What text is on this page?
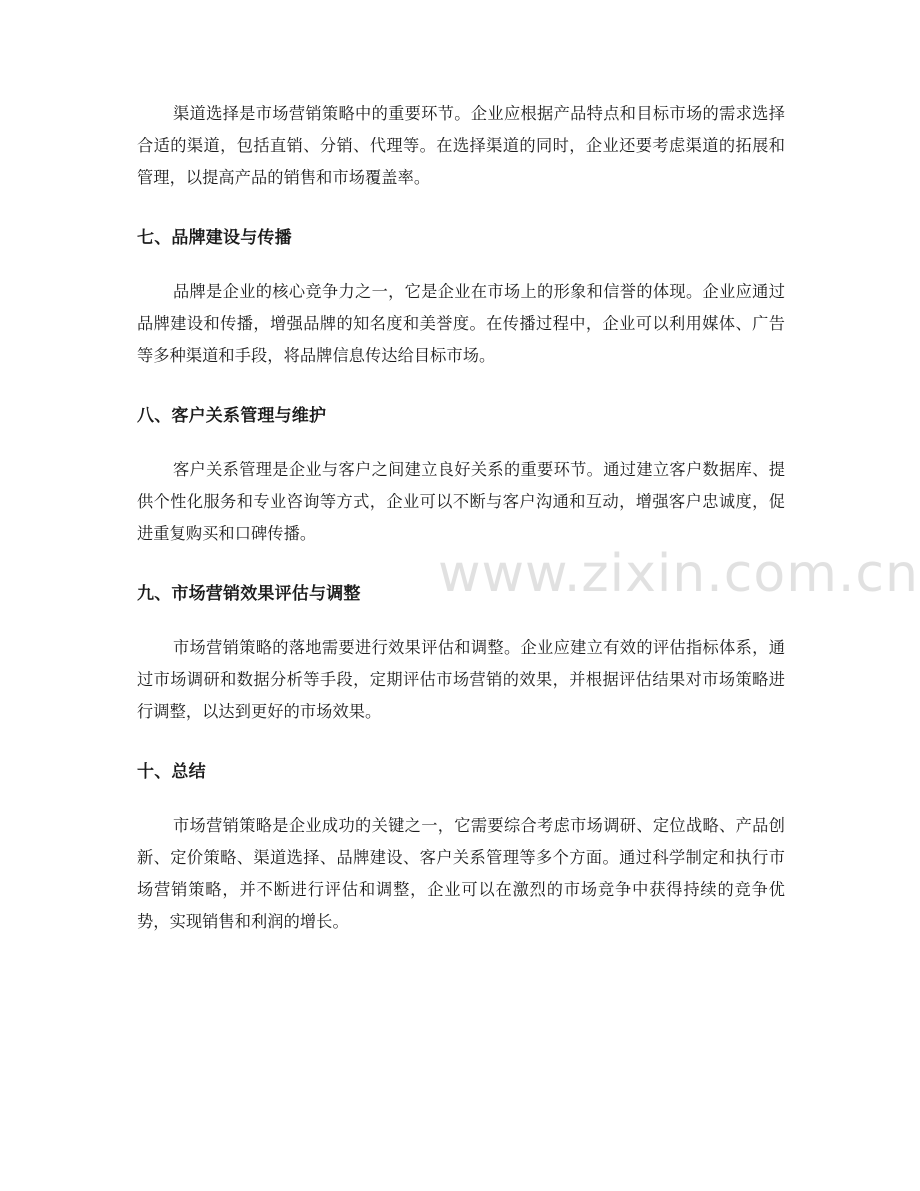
渠道选择是市场营销策略中的重要环节。企业应根据产品特点和目标市场的需求选择合适的渠道，包括直销、分销、代理等。在选择渠道的同时，企业还要考虑渠道的拓展和管理，以提高产品的销售和市场覆盖率。

七、品牌建设与传播

品牌是企业的核心竞争力之一，它是企业在市场上的形象和信誉的体现。企业应通过品牌建设和传播，增强品牌的知名度和美誉度。在传播过程中，企业可以利用媒体、广告等多种渠道和手段，将品牌信息传达给目标市场。

八、客户关系管理与维护

客户关系管理是企业与客户之间建立良好关系的重要环节。通过建立客户数据库、提供个性化服务和专业咨询等方式，企业可以不断与客户沟通和互动，增强客户忠诚度，促进重复购买和口碑传播。

九、市场营销效果评估与调整

市场营销策略的落地需要进行效果评估和调整。企业应建立有效的评估指标体系，通过市场调研和数据分析等手段，定期评估市场营销的效果，并根据评估结果对市场策略进行调整，以达到更好的市场效果。

十、总结

市场营销策略是企业成功的关键之一，它需要综合考虑市场调研、定位战略、产品创新、定价策略、渠道选择、品牌建设、客户关系管理等多个方面。通过科学制定和执行市场营销策略，并不断进行评估和调整，企业可以在激烈的市场竞争中获得持续的竞争优势，实现销售和利润的增长。

www.zixin.com.cn
